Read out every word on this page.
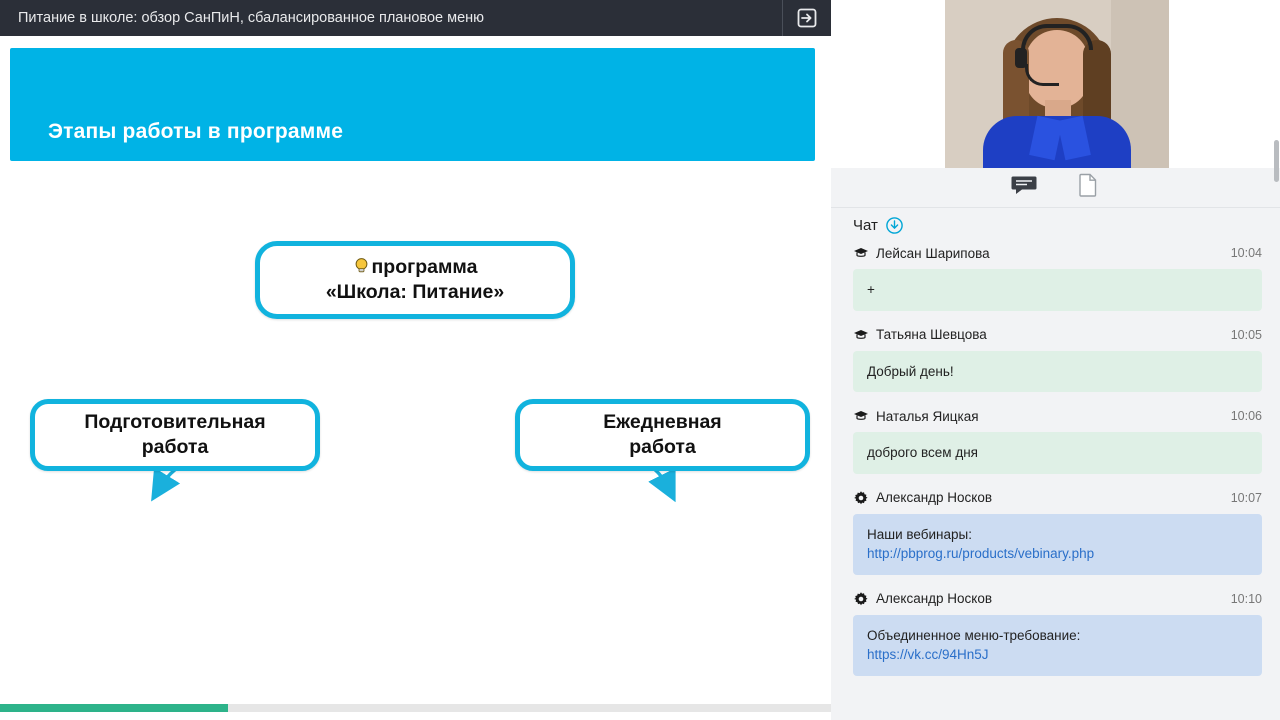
Питание в школе: обзор СанПиН, сбалансированное плановое меню
Этапы работы в программе
программа
«Школа: Питание»
Подготовительная
работа
Ежедневная
работа
Чат
Лейсан Шарипова	10:04
+
Татьяна Шевцова	10:05
Добрый день!
Наталья Яицкая	10:06
доброго всем дня
Александр Носков	10:07
Наши вебинары:
http://pbprog.ru/products/vebinary.php
Александр Носков	10:10
Объединенное меню-требование:
https://vk.cc/94Hn5J
